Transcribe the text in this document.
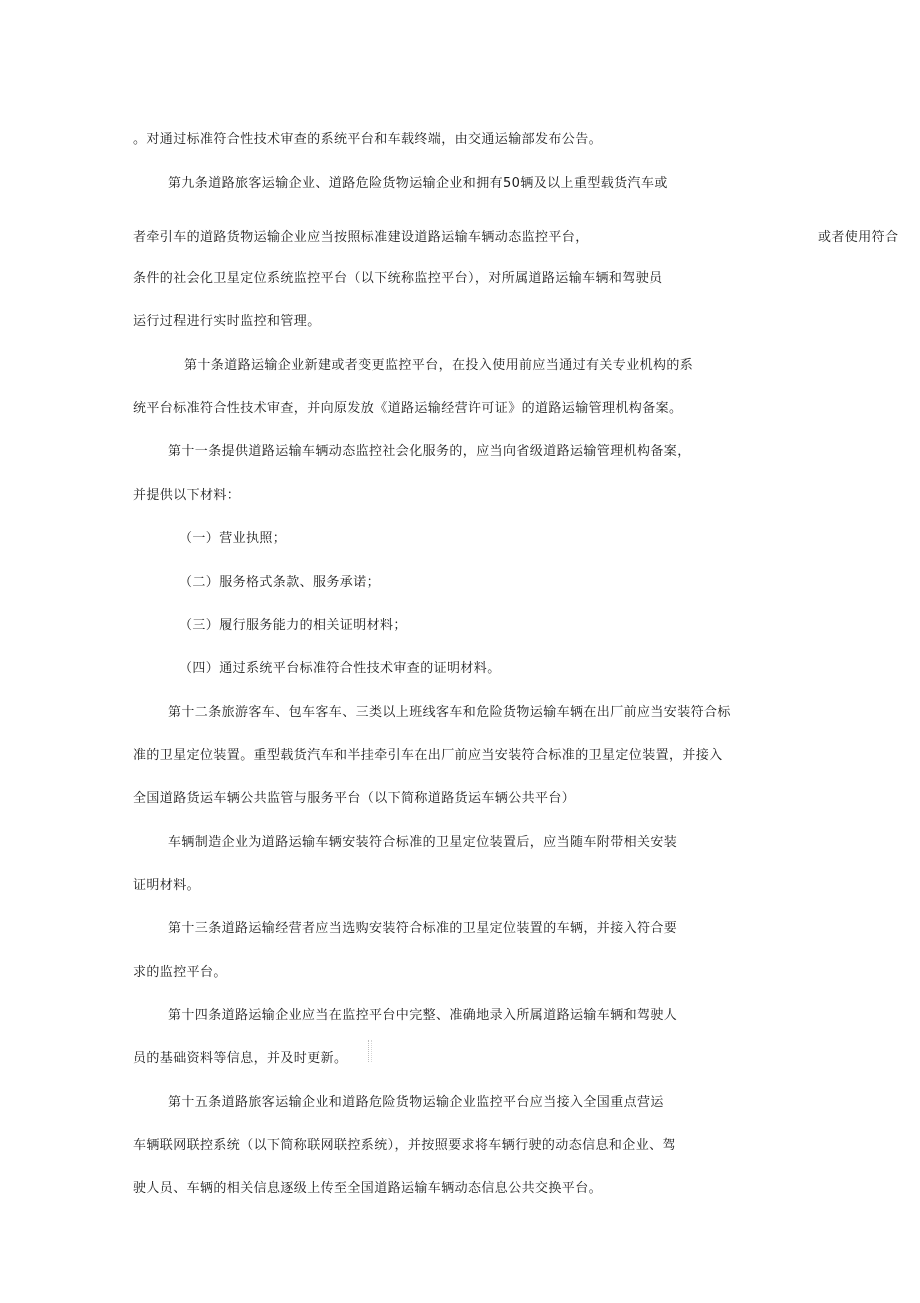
。对通过标准符合性技术审查的系统平台和车载终端，由交通运输部发布公告。
第九条道路旅客运输企业、道路危险货物运输企业和拥有50辆及以上重型载货汽车或
者牵引车的道路货物运输企业应当按照标准建设道路运输车辆动态监控平台，	或者使用符合
条件的社会化卫星定位系统监控平台（以下统称监控平台），对所属道路运输车辆和驾驶员
运行过程进行实时监控和管理。
第十条道路运输企业新建或者变更监控平台，在投入使用前应当通过有关专业机构的系
统平台标准符合性技术审查，并向原发放《道路运输经营许可证》的道路运输管理机构备案。
第十一条提供道路运输车辆动态监控社会化服务的，应当向省级道路运输管理机构备案，
并提供以下材料：
（一）营业执照；
（二）服务格式条款、服务承诺；
（三）履行服务能力的相关证明材料；
（四）通过系统平台标准符合性技术审查的证明材料。
第十二条旅游客车、包车客车、三类以上班线客车和危险货物运输车辆在出厂前应当安装符合标
准的卫星定位装置。重型载货汽车和半挂牵引车在出厂前应当安装符合标准的卫星定位装置，并接入
全国道路货运车辆公共监管与服务平台（以下简称道路货运车辆公共平台）
车辆制造企业为道路运输车辆安装符合标准的卫星定位装置后，应当随车附带相关安装
证明材料。
第十三条道路运输经营者应当选购安装符合标准的卫星定位装置的车辆，并接入符合要
求的监控平台。
第十四条道路运输企业应当在监控平台中完整、准确地录入所属道路运输车辆和驾驶人
员的基础资料等信息，并及时更新。
第十五条道路旅客运输企业和道路危险货物运输企业监控平台应当接入全国重点营运
车辆联网联控系统（以下简称联网联控系统），并按照要求将车辆行驶的动态信息和企业、驾
驶人员、车辆的相关信息逐级上传至全国道路运输车辆动态信息公共交换平台。
